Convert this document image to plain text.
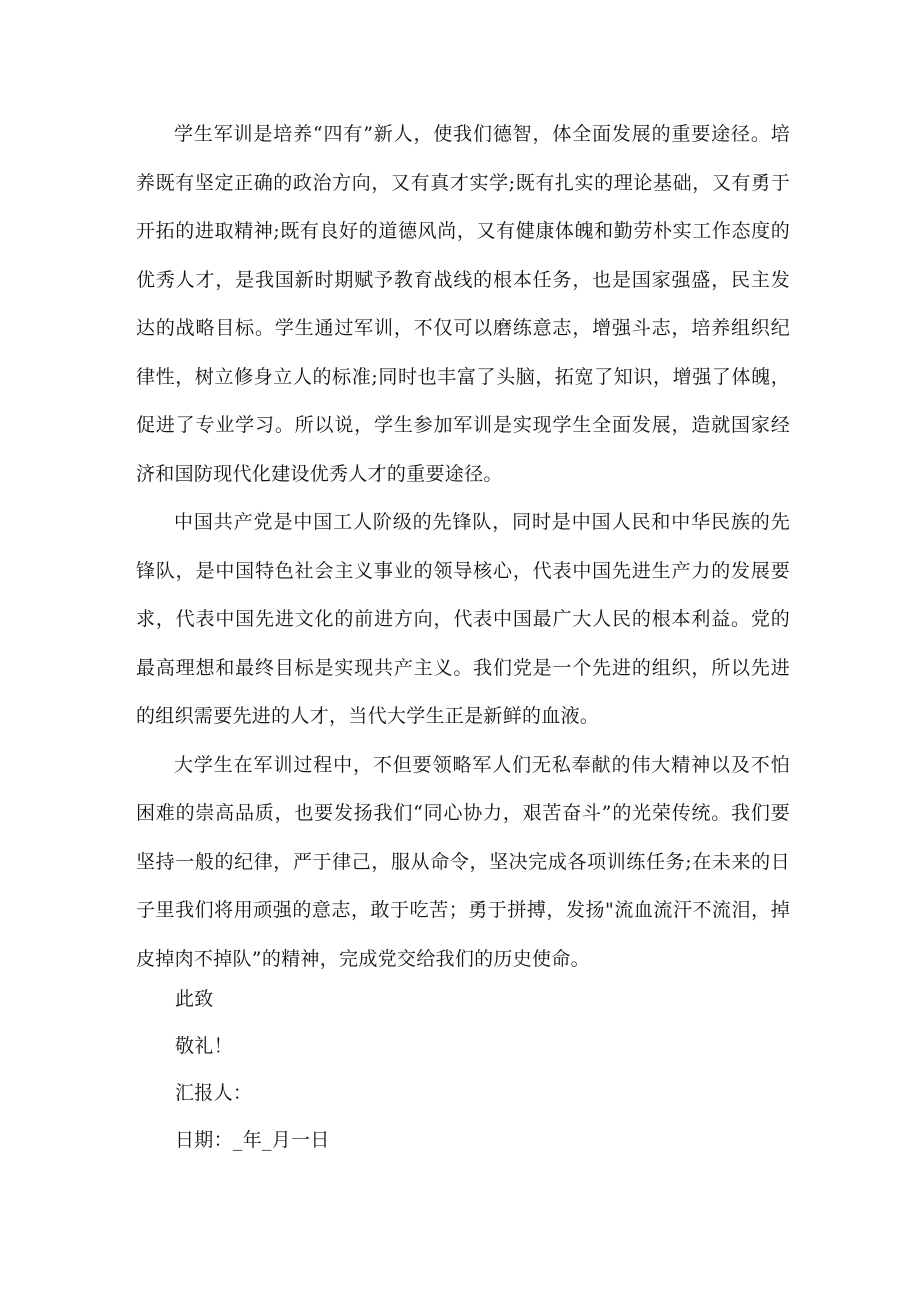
学生军训是培养“四有”新人，使我们德智，体全面发展的重要途径。培养既有坚定正确的政治方向，又有真才实学;既有扎实的理论基础，又有勇于开拓的进取精神;既有良好的道德风尚，又有健康体魄和勤劳朴实工作态度的优秀人才，是我国新时期赋予教育战线的根本任务，也是国家强盛，民主发达的战略目标。学生通过军训，不仅可以磨练意志，增强斗志，培养组织纪律性，树立修身立人的标准;同时也丰富了头脑，拓宽了知识，增强了体魄，促进了专业学习。所以说，学生参加军训是实现学生全面发展，造就国家经济和国防现代化建设优秀人才的重要途径。

中国共产党是中国工人阶级的先锋队，同时是中国人民和中华民族的先锋队，是中国特色社会主义事业的领导核心，代表中国先进生产力的发展要求，代表中国先进文化的前进方向，代表中国最广大人民的根本利益。党的最高理想和最终目标是实现共产主义。我们党是一个先进的组织，所以先进的组织需要先进的人才，当代大学生正是新鲜的血液。

大学生在军训过程中，不但要领略军人们无私奉献的伟大精神以及不怕困难的崇高品质，也要发扬我们“同心协力，艰苦奋斗”的光荣传统。我们要坚持一般的纪律，严于律己，服从命令，坚决完成各项训练任务;在未来的日子里我们将用顽强的意志，敢于吃苦；勇于拼搏，发扬"流血流汗不流泪，掉皮掉肉不掉队”的精神，完成党交给我们的历史使命。

此致

敬礼！

汇报人：

日期：_年_月一日
